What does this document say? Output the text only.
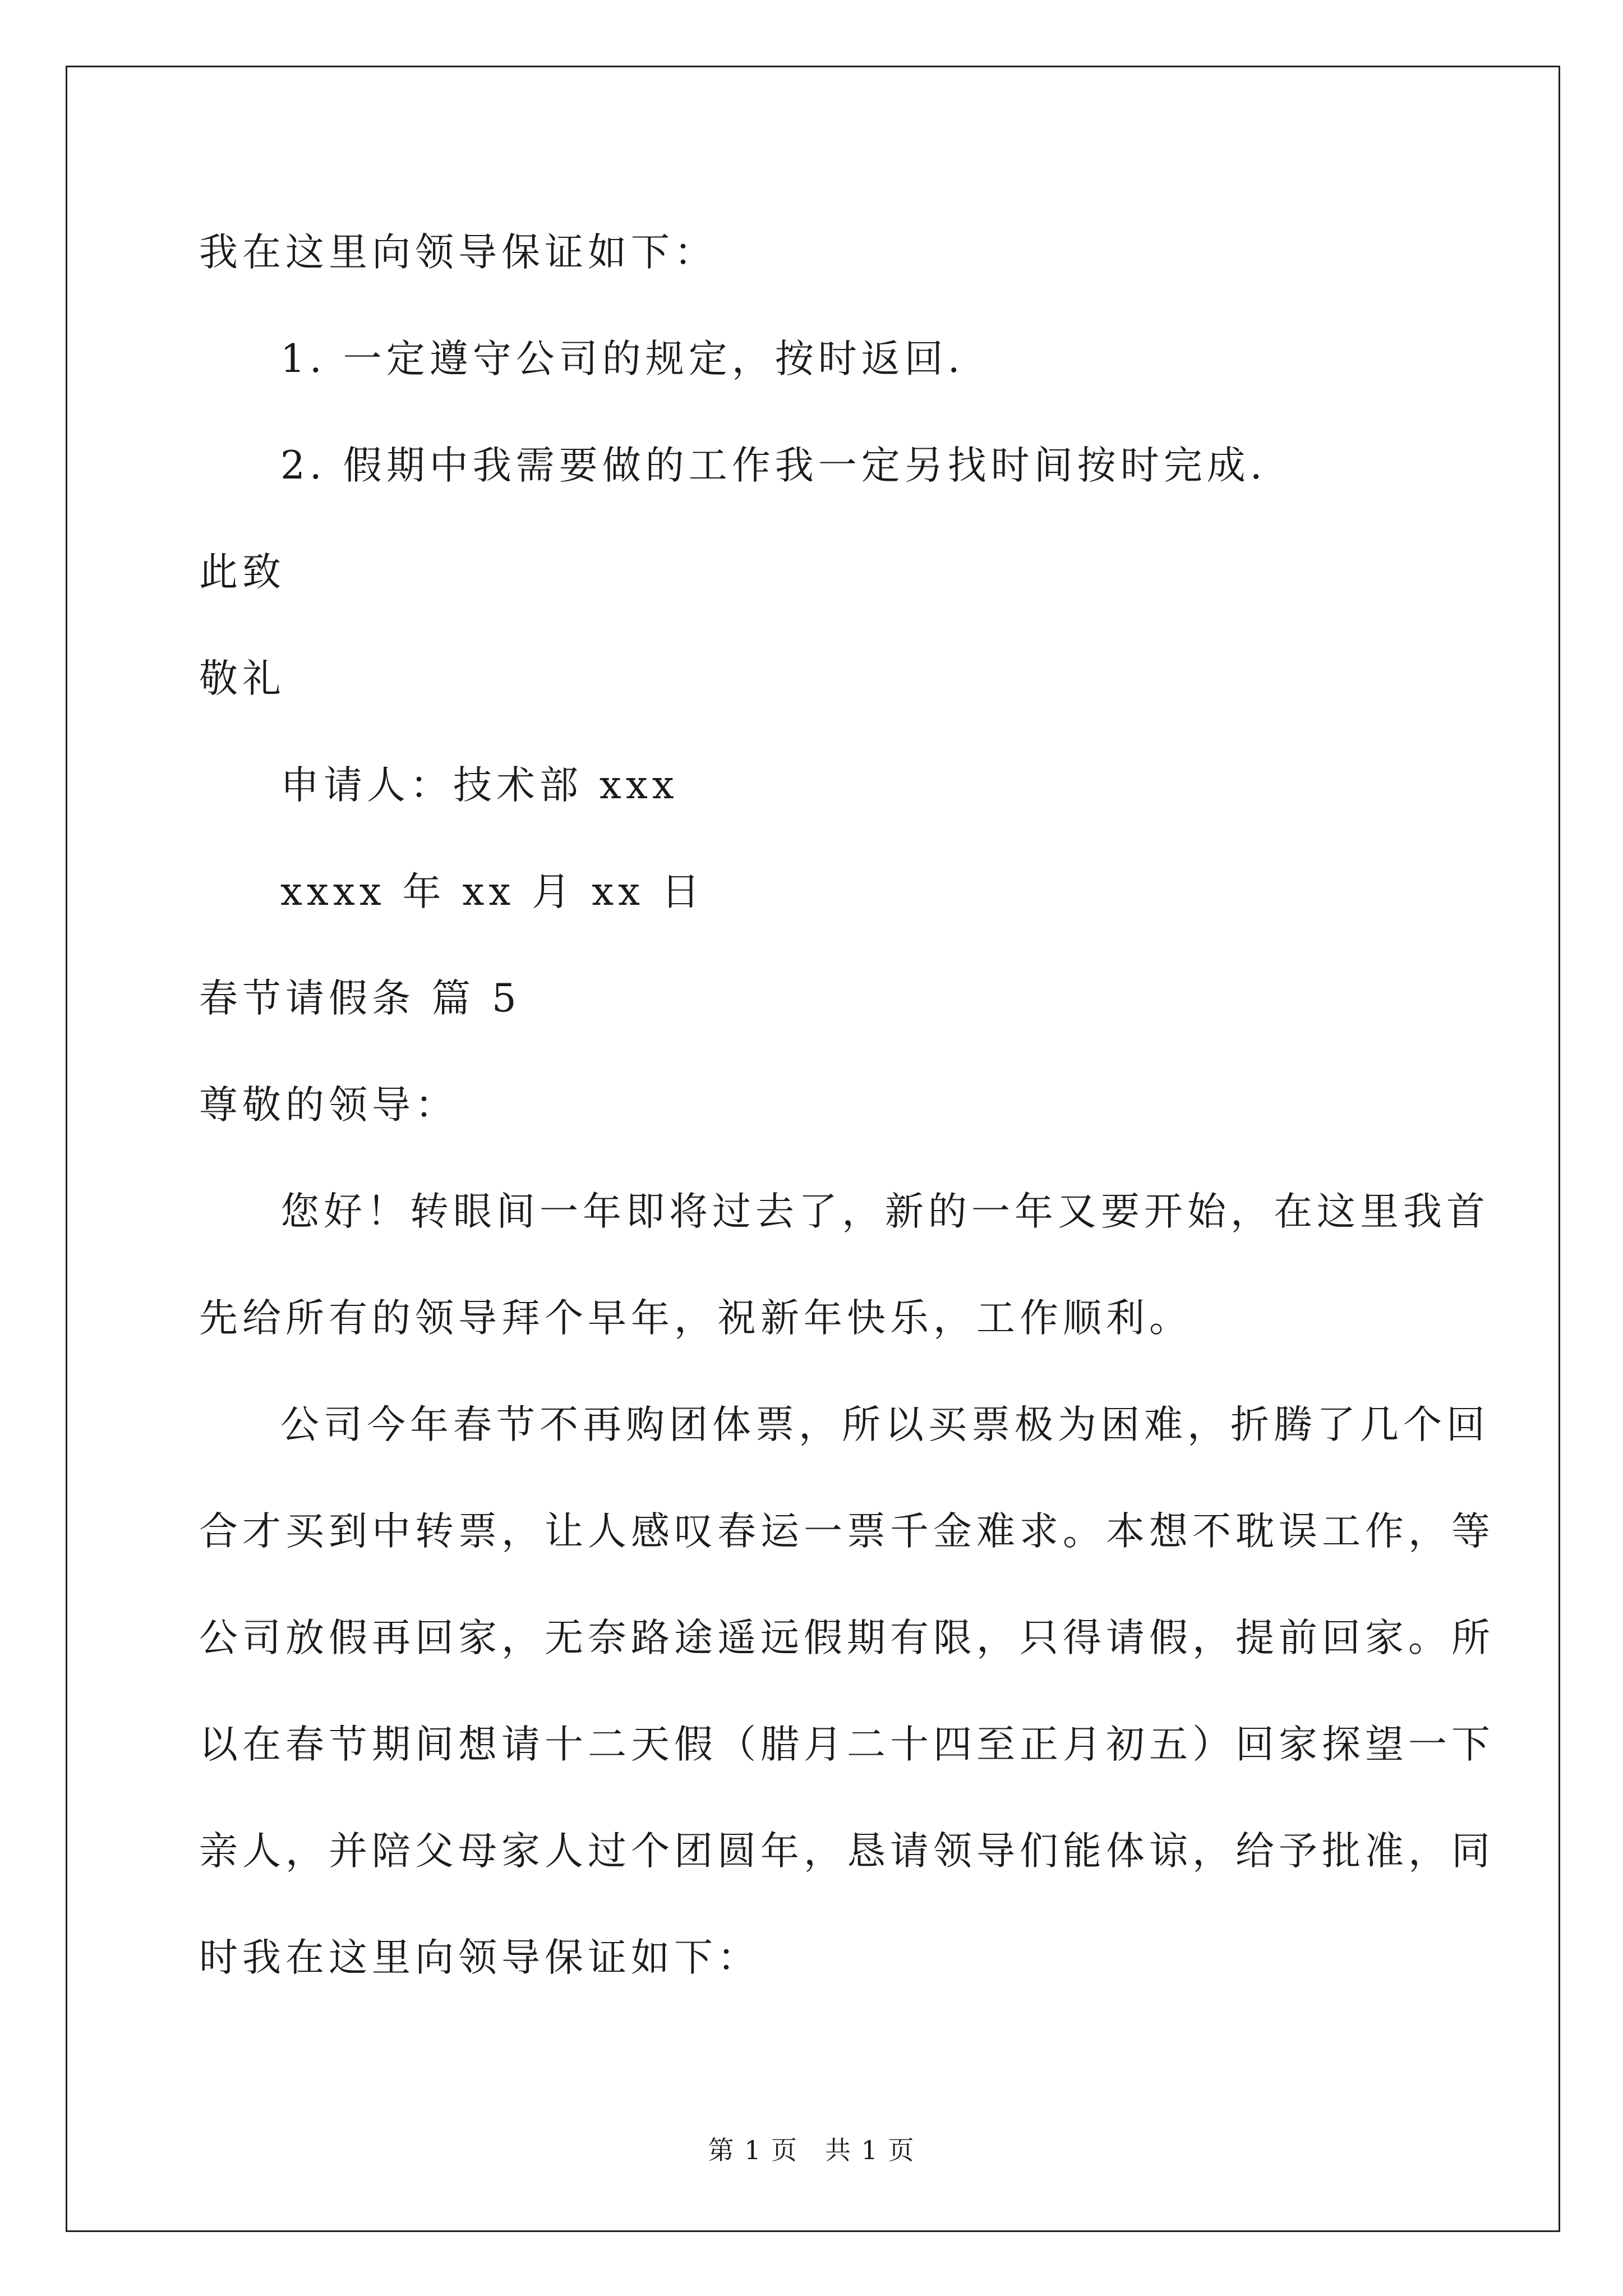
我在这里向领导保证如下：
1. 一定遵守公司的规定，按时返回.
2. 假期中我需要做的工作我一定另找时间按时完成.
此致
敬礼
申请人：技术部 xxx
xxxx 年 xx 月 xx 日
春节请假条 篇 5
尊敬的领导：
您好！转眼间一年即将过去了，新的一年又要开始，在这里我首
先给所有的领导拜个早年，祝新年快乐，工作顺利。
公司今年春节不再购团体票，所以买票极为困难，折腾了几个回
合才买到中转票，让人感叹春运一票千金难求。本想不耽误工作，等
公司放假再回家，无奈路途遥远假期有限，只得请假，提前回家。所
以在春节期间想请十二天假（腊月二十四至正月初五）回家探望一下
亲人，并陪父母家人过个团圆年，恳请领导们能体谅，给予批准，同
时我在这里向领导保证如下：
第 1 页　共 1 页
